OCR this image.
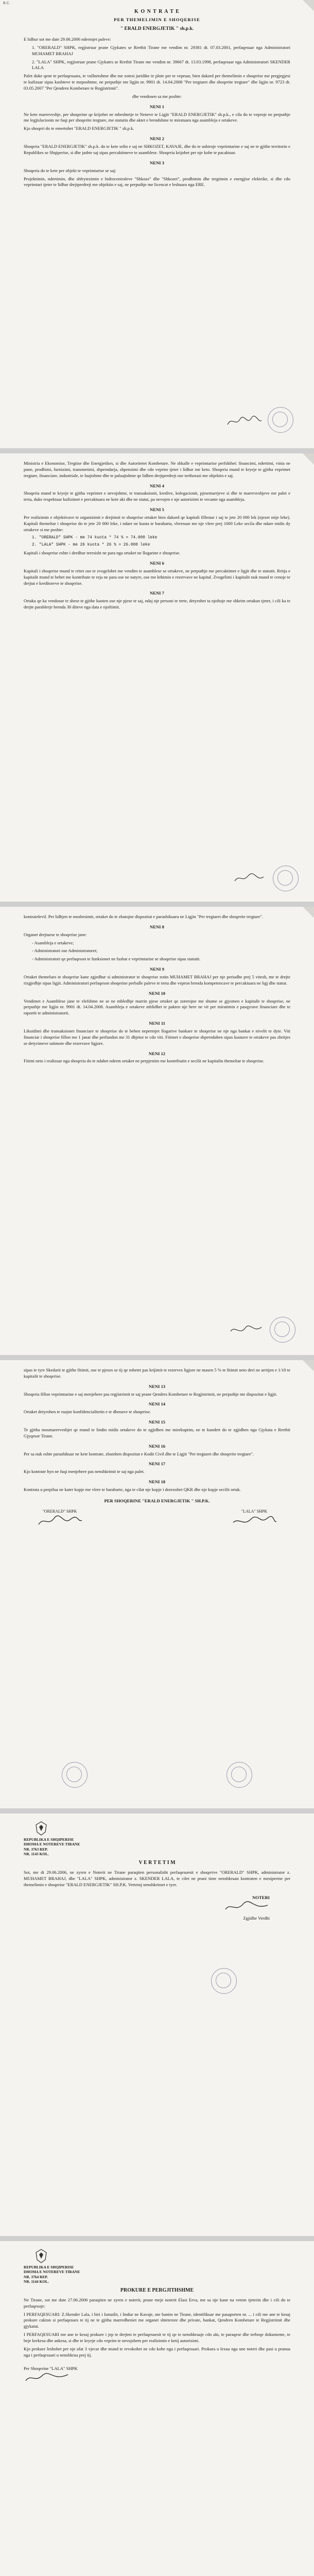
B.C.
K O N T R A T E
PER THEMELIMIN E SHOQERISE
" ERALD ENERGJETIK " sh.p.k.

E lidhur sot me date 29.06.2006 ndermjet paleve:

1. "ORERALD" SHPK, regjistruar prane Gjykates se Rrethit Tirane me vendim nr. 29381 dt. 07.03.2001, perfaqesuar nga Administratori MUHAMET BRAHAJ

2. "LALA" SHPK, regjistruar prane Gjykates se Rrethit Tirane me vendim nr. 39667 dt. 13.03.1998, perfaqesuar nga Administratori SKENDER LALA

Palet duke qene te perfaqesuara, te vullnetshme dhe me zotesi juridike te plote per te vepruar, bien dakord per themelimin e shoqerise me pergjegjesi te kufizuar sipas kushteve te meposhtme, ne perputhje me ligjin nr. 9901 dt. 14.04.2008 "Per tregtaret dhe shoqerite tregtare" dhe ligjin nr. 9723 dt. 03.05.2007 "Per Qendren Kombetare te Regjistrimit".

dhe vendosen sa me poshte:

NENI 1

Ne kete marreveshje, per shoqerine qe krijohet ne mbeshtetje te Neneve te Ligjit "ERALD ENERGJETIK" sh.p.k., e cila do te veproje ne perputhje me legjislacionin ne fuqi per shoqerite tregtare, me statutin dhe aktet e brendshme te miratuara nga asambleja e ortakeve.

Kjo shoqeri do te emertohet "ERALD ENERGJETIK " sh.p.k.

NENI 2

Shoqeria "ERALD ENERGJETIK" sh.p.k. do te kete selin e saj ne SHKOZET, KAVAJE, dhe do te ushtroje veprimtarine e saj ne te gjithe territorin e Republikes se Shqiperise, si dhe jashte saj sipas percaktimeve te asamblese. Shoqeria krijohet per nje kohe te pacaktuar.

NENI 3

Shoqeria do te kete per objekt te veprimtarise se saj:

Projektimin, ndertimin, dhe shfrytezimin e hidrocentraleve "Shkoze" dhe "Shkozet", prodhimin dhe tregtimin e energjise elektrike, si dhe cdo veprimtari tjeter te lidhur drejtperdrejt me objektin e saj, ne perputhje me licencat e leshuara nga ERE.

Ministria e Ekonomise, Tregtise dhe Energjetikes, si dhe Autoritetet Kombetare. Ne shkalle e veprimtarise perfshihet: financimi, ndertimi, vinia ne pune, prodhimi, furnizimi, transmetimi, shperndarja, shpenzimi dhe cdo veprim tjeter i lidhur me keto. Shoqeria mund te kryeje te gjitha veprimet tregtare, financiare, industriale, te luajtshme dhe te paluajtshme qe lidhen drejtperdrejt ose terthorazi me objektin e saj.

NENI 4

Shoqeria mund te kryeje te gjitha veprimet e nevojshme, te transaksionit, kredive, kolegacionit, pjesemarrjeve si dhe te marreveshjeve me palet e treta, duke respektuar kufizimet e percaktuara ne kete akt dhe ne statut, pa nevojen e nje autorizimi te vecante nga asambleja.

NENI 5

Per realizimin e objektivave te organizimit e drejtimit te shoqerise ortaket bien dakord qe kapitali fillestar i saj te jete 20 000 lek (njezet mije leke). Kapitali themeltar i shoqerise do te jete 20 000 leke, i ndare ne kuota te barabarta, vleresuar me nje vlere prej 1000 Leke secila dhe ndare midis dy ortakeve si me poshte:

1. "ORERALD" SHPK - me 74 kuota * 74 % = 74.000 leke

2. "LALA" SHPK - me 26 kuota * 26 % = 26.000 leke

Kapitali i shoqerise eshte i derdhur teresisht ne para nga ortaket ne llogarine e shoqerise.

NENI 6

Kapitali i shoqerise mund te rritet ose te zvogelohet me vendim te asamblese se ortakeve, ne perputhje me percaktimet e ligjit dhe te statutit. Rritja e kapitalit mund te behet me kontribute te reja ne para ose ne natyre, ose me kthimin e rezervave ne kapital. Zvogelimi i kapitalit nuk mund te cenoje te drejtat e kreditoreve te shoqerise.

NENI 7

Ortaku qe ka vendosur te shese te gjithe kuoten ose nje pjese te saj, ndaj nje personi te trete, detyrohet ta njoftoje me shkrim ortakun tjeter, i cili ka te drejte parablerje brenda 30 diteve nga data e njoftimit.

kontratelevil. Per lidhjen te mosbesimit, ortaket do te zbatojne dispozitat e parashikuara ne Ligjin "Per tregtaret dhe shoqerite tregtare".

NENI 8

Organet drejtuese te shoqerise jane:

- Asambleja e ortakeve;

- Administratori ose Administratoret;

- Administratori qe perfaqeson te funksionet ne fushat e veprimtarise se shoqerise sipas statutit.

NENI 9

Ortaket themelues te shoqerise kane zgjedhur si administrator te shoqerise zotin MUHAMET BRAHAJ per nje periudhe prej 5 vitesh, me te drejte rizgjedhje sipas ligjit. Administratori perfaqeson shoqerine perballe paleve te treta dhe vepron brenda kompetencave te percaktuara ne ligj dhe statut.

NENI 10

Vendimet e Asamblese jane te vlefshme ne se ne mbledhje marrin pjese ortaket qe zoterojne me shume se gjysmen e kapitalit te shoqerise, ne perputhje me ligjin nr. 9901 dt. 14.04.2008. Asambleja e ortakeve mblidhet te pakten nje here ne vit per miratimin e pasqyrave financiare dhe te raportit te administratorit.

NENI 11

Likuidimi dhe transaksionet financiare te shoqerise do te behen nepermjet llogarive bankare te shoqerise ne nje nga bankat e nivelit te dyte. Viti financiar i shoqerise fillon me 1 janar dhe perfundon me 31 dhjetor te cdo viti. Fitimet e shoqerise shperndahen sipas kuotave te ortakeve pas zbritjes se detyrimeve tatimore dhe rezervave ligjore.

NENI 12

Fitimi neto i realizuar nga shoqeria do te ndahet nderm ortaket ne perpjestim me kontributin e secilit ne kapitalin themeltar te shoqerise.

sipas te tyre Skedarit te gjithe fitimit, ose te pjeses se tij qe mbetet pas krijimit te rezerves ligjore ne masen 5 % te fitimit neto deri ne arritjen e 1/10 te kapitalit te shoqerise.

NENI 13

Shoqeria fillon veprimtarine e saj menjehere pas regjistrimit te saj prane Qendres Kombetare te Regjistrimit, ne perputhje me dispozitat e ligjit.

NENI 14

Ortaket detyrohen te ruajne konfidencialitetin e te dhenave te shoqerise.

NENI 15

Te gjitha mosmarreveshjet qe mund te lindin midis ortakeve do te zgjidhen me mirekuptim, ne te kundert do te zgjidhen nga Gjykata e Rrethit Gjyqesor Tirane.

NENI 16

Per sa nuk eshte parashikuar ne kete kontrate, zbatohen dispozitat e Kodit Civil dhe te Ligjit "Per tregtaret dhe shoqerite tregtare".

NENI 17

Kjo kontrate hyn ne fuqi menjehere pas nenshkrimit te saj nga palet.

NENI 18

Kontrata u perpilua ne kater kopje me vlere te barabarte, nga te cilat nje kopje i dorezohet QKR dhe nje kopje secilit ortak.

PER SHOQERINE "ERALD ENERGJETIK " SH.P.K.

"ORERALD" SHPK	"LALA" SHPK
REPUBLIKA E SHQIPERISE
DHOMA E NOTEREVE TIRANE
NR. 3763 REP.
NR. 1143 KOL.
V E R T E T I M

Sot, me dt 29.06.2006, ne zyren e Noterit ne Tirane paraqiten personalisht perfaqesuesit e shoqerive "ORERALD" SHPK, administrator z. MUHAMET BRAHAJ, dhe "LALA" SHPK, administrator z. SKENDER LALA, te cilet ne prani time nenshkruan kontraten e mesiperme per themelimin e shoqerise "ERALD ENERGJETIK" SH.P.K. Vertetoj nenshkrimet e tyre.

NOTERI
Zgjidhe Verdhi
REPUBLIKA E SHQIPERISE
DHOMA E NOTEREVE TIRANE
NR. 3764 REP.
NR. 1144 KOL.
PROKURE E PERGJITHSHME

Ne Tirane, sot me date 27.06.2006 paraqiten ne zyren e noterit, prane meje noterit Elasi Erva, me sa nje kane na vetem tjeterin dhe i cili do te perfaqesoje:

I PERFAQESUARI: Z.Skender Lala, i biri i Ismailit, i lindur ne Kavaje, me banim ne Tirane, identifikuar me pasaporten nr. ... i cili me ane te kesaj prokure cakton si perfaqesues te tij ne te gjitha marredheniet me organet shteterore dhe private, bankat, Qendren Kombetare te Regjistrimit dhe gjykatat.

I PERFAQESUARI me ane te kesaj prokure i jep te drejten te perfaqesuesit te tij qe te nenshkruaje cdo akt, te paraqese dhe terheqe dokumente, te beje kerkesa dhe ankesa, si dhe te kryeje cdo veprim te nevojshem per realizimin e ketij autorizimi.

Kjo prokure leshohet per nje afat 3 vjecar dhe mund te revokohet ne cdo kohe nga i perfaqesuari. Prokura u lexua nga une noteri dhe pasi u pranua nga i perfaqesuari u nenshkrua prej tij.

Per Shoqerine "LALA" SHPK
